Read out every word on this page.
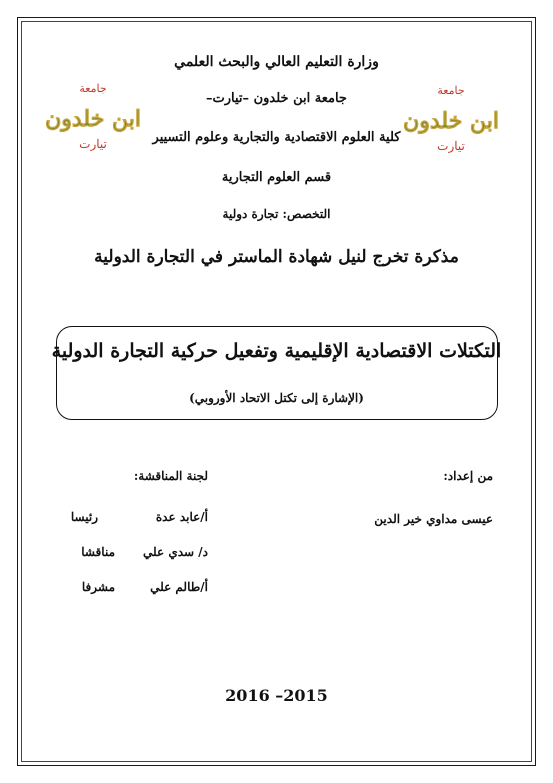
وزارة التعليم العالي والبحث العلمي
جامعة ابن خلدون –تيارت–
كلية العلوم الاقتصادية والتجارية وعلوم التسيير
قسم العلوم التجارية
التخصص: تجارة دولية
مذكرة تخرج لنيل شهادة الماستر في التجارة الدولية
جامعة
ابن خلدون
تيارت
جامعة
ابن خلدون
تيارت
التكتلات الاقتصادية الإقليمية وتفعيل حركية التجارة الدولية
(الإشارة إلى تكتل الاتحاد الأوروبي)
من إعداد:
عيسى مداوي خير الدين
لجنة المناقشة:
أ/عابد عدة
رئيسا
د/ سدي علي
مناقشا
أ/طالم علي
مشرفا
2016 –2015
